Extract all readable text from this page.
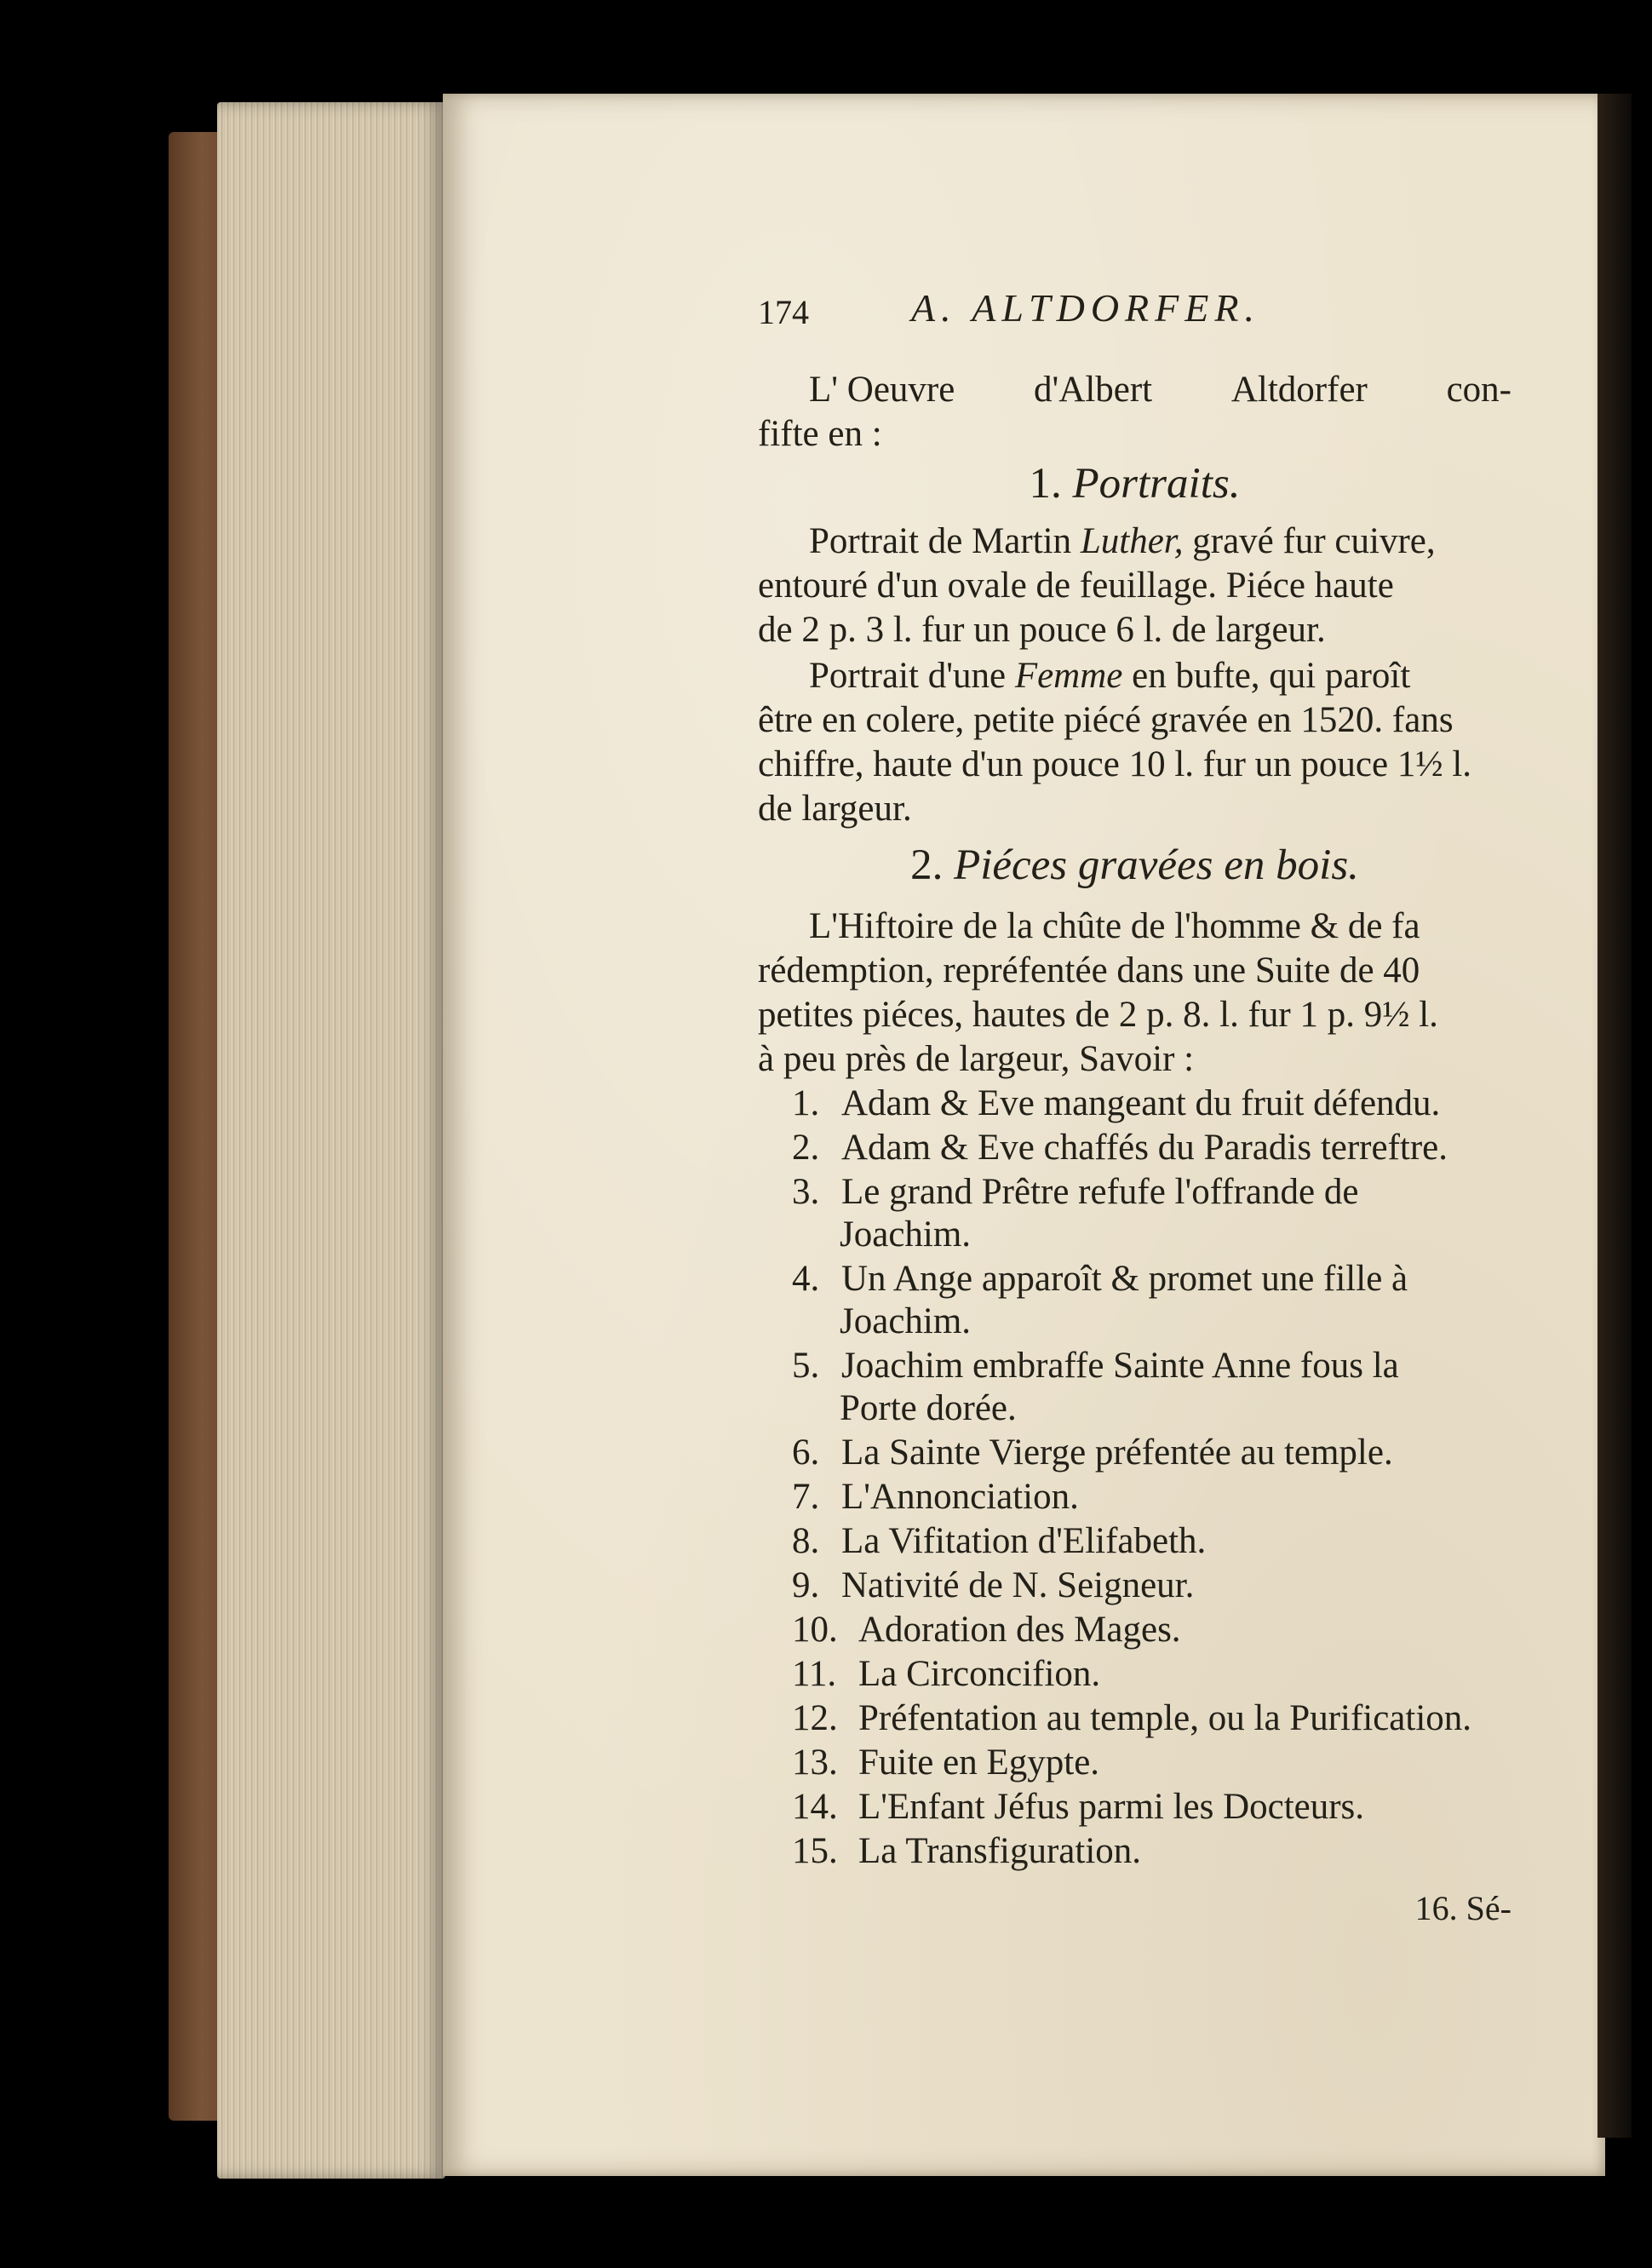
174	A. ALTDORFER.
L' Oeuvre d'Albert Altdorfer con-
fifte en :
1. Portraits.
Portrait de Martin Luther, gravé fur cuivre,
entouré d'un ovale de feuillage. Piéce haute
de 2 p. 3 l. fur un pouce 6 l. de largeur.
Portrait d'une Femme en bufte, qui paroît
être en colere, petite piécé gravée en 1520. fans
chiffre, haute d'un pouce 10 l. fur un pouce 1½ l.
de largeur.
2. Piéces gravées en bois.
L'Hiftoire de la chûte de l'homme & de fa
rédemption, repréfentée dans une Suite de 40
petites piéces, hautes de 2 p. 8. l. fur 1 p. 9½ l.
à peu près de largeur, Savoir :
1. Adam & Eve mangeant du fruit défendu.
2. Adam & Eve chaffés du Paradis terreftre.
3. Le grand Prêtre refufe l'offrande de
Joachim.
4. Un Ange apparoît & promet une fille à
Joachim.
5. Joachim embraffe Sainte Anne fous la
Porte dorée.
6. La Sainte Vierge préfentée au temple.
7. L'Annonciation.
8. La Vifitation d'Elifabeth.
9. Nativité de N. Seigneur.
10. Adoration des Mages.
11. La Circoncifion.
12. Préfentation au temple, ou la Purification.
13. Fuite en Egypte.
14. L'Enfant Jéfus parmi les Docteurs.
15. La Transfiguration.
16. Sé-
